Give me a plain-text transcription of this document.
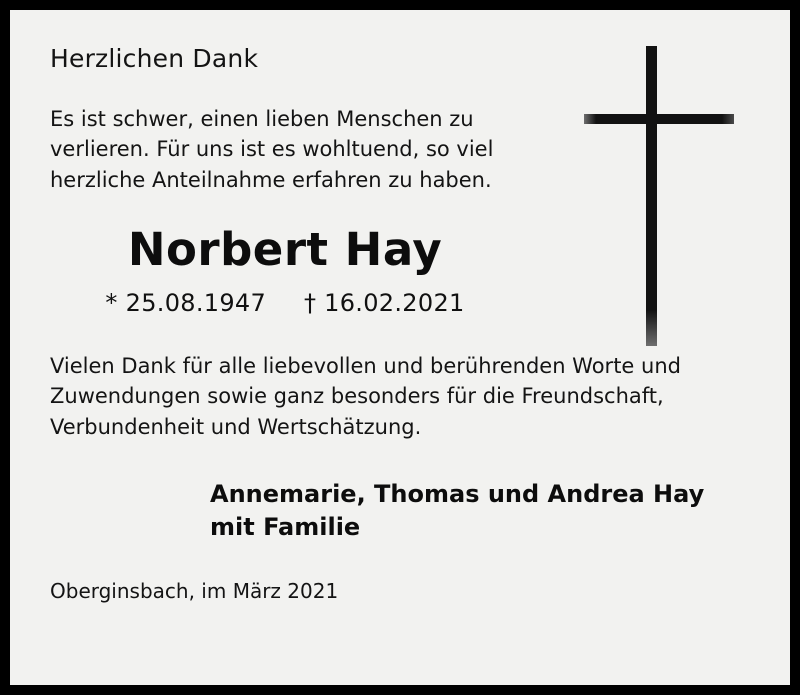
Herzlichen Dank

Es ist schwer, einen lieben Menschen zu verlieren. Für uns ist es wohltuend, so viel herzliche Anteilnahme erfahren zu haben.

Norbert Hay
* 25.08.1947 † 16.02.2021

Vielen Dank für alle liebevollen und berührenden Worte und Zuwendungen sowie ganz besonders für die Freundschaft, Verbundenheit und Wertschätzung.

Annemarie, Thomas und Andrea Hay mit Familie
Oberginsbach, im März 2021
